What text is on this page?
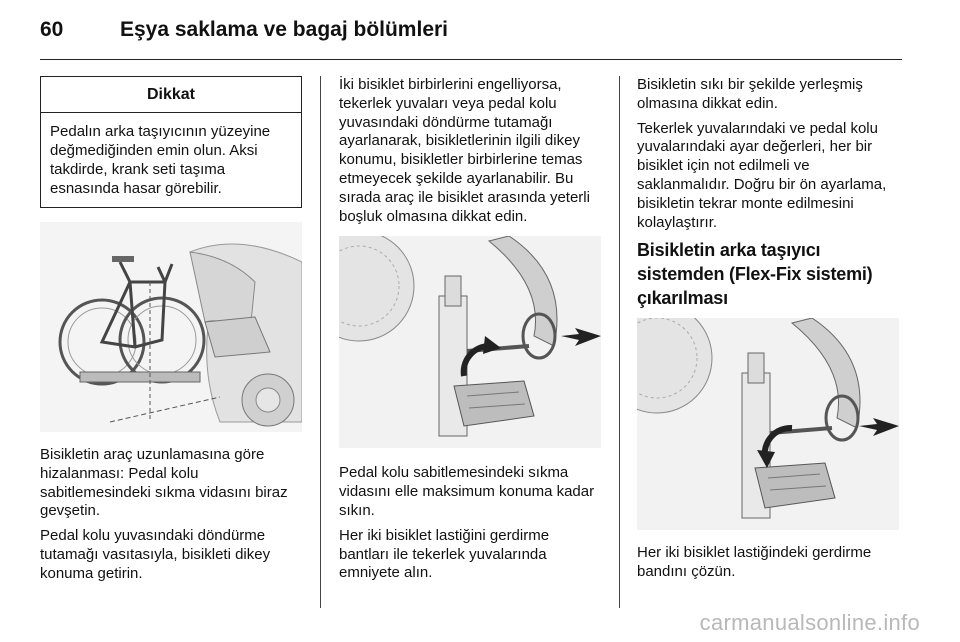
60	Eşya saklama ve bagaj bölümleri
Dikkat
Pedalın arka taşıyıcının yüzeyine değmediğinden emin olun. Aksi takdirde, krank seti taşıma esnasında hasar görebilir.

Bisikletin araç uzunlamasına göre hizalanması: Pedal kolu sabitlemesindeki sıkma vidasını biraz gevşetin.

Pedal kolu yuvasındaki döndürme tutamağı vasıtasıyla, bisikleti dikey konuma getirin.

İki bisiklet birbirlerini engelliyorsa, tekerlek yuvaları veya pedal kolu yuvasındaki döndürme tutamağı ayarlanarak, bisikletlerinin ilgili dikey konumu, bisikletler birbirlerine temas etmeyecek şekilde ayarlanabilir. Bu sırada araç ile bisiklet arasında yeterli boşluk olmasına dikkat edin.

Pedal kolu sabitlemesindeki sıkma vidasını elle maksimum konuma kadar sıkın.

Her iki bisiklet lastiğini gerdirme bantları ile tekerlek yuvalarında emniyete alın.

Bisikletin sıkı bir şekilde yerleşmiş olmasına dikkat edin.

Tekerlek yuvalarındaki ve pedal kolu yuvalarındaki ayar değerleri, her bir bisiklet için not edilmeli ve saklanmalıdır. Doğru bir ön ayarlama, bisikletin tekrar monte edilmesini kolaylaştırır.

Bisikletin arka taşıyıcı sistemden (Flex-Fix sistemi) çıkarılması

Her iki bisiklet lastiğindeki gerdirme bandını çözün.

carmanualsonline.info
